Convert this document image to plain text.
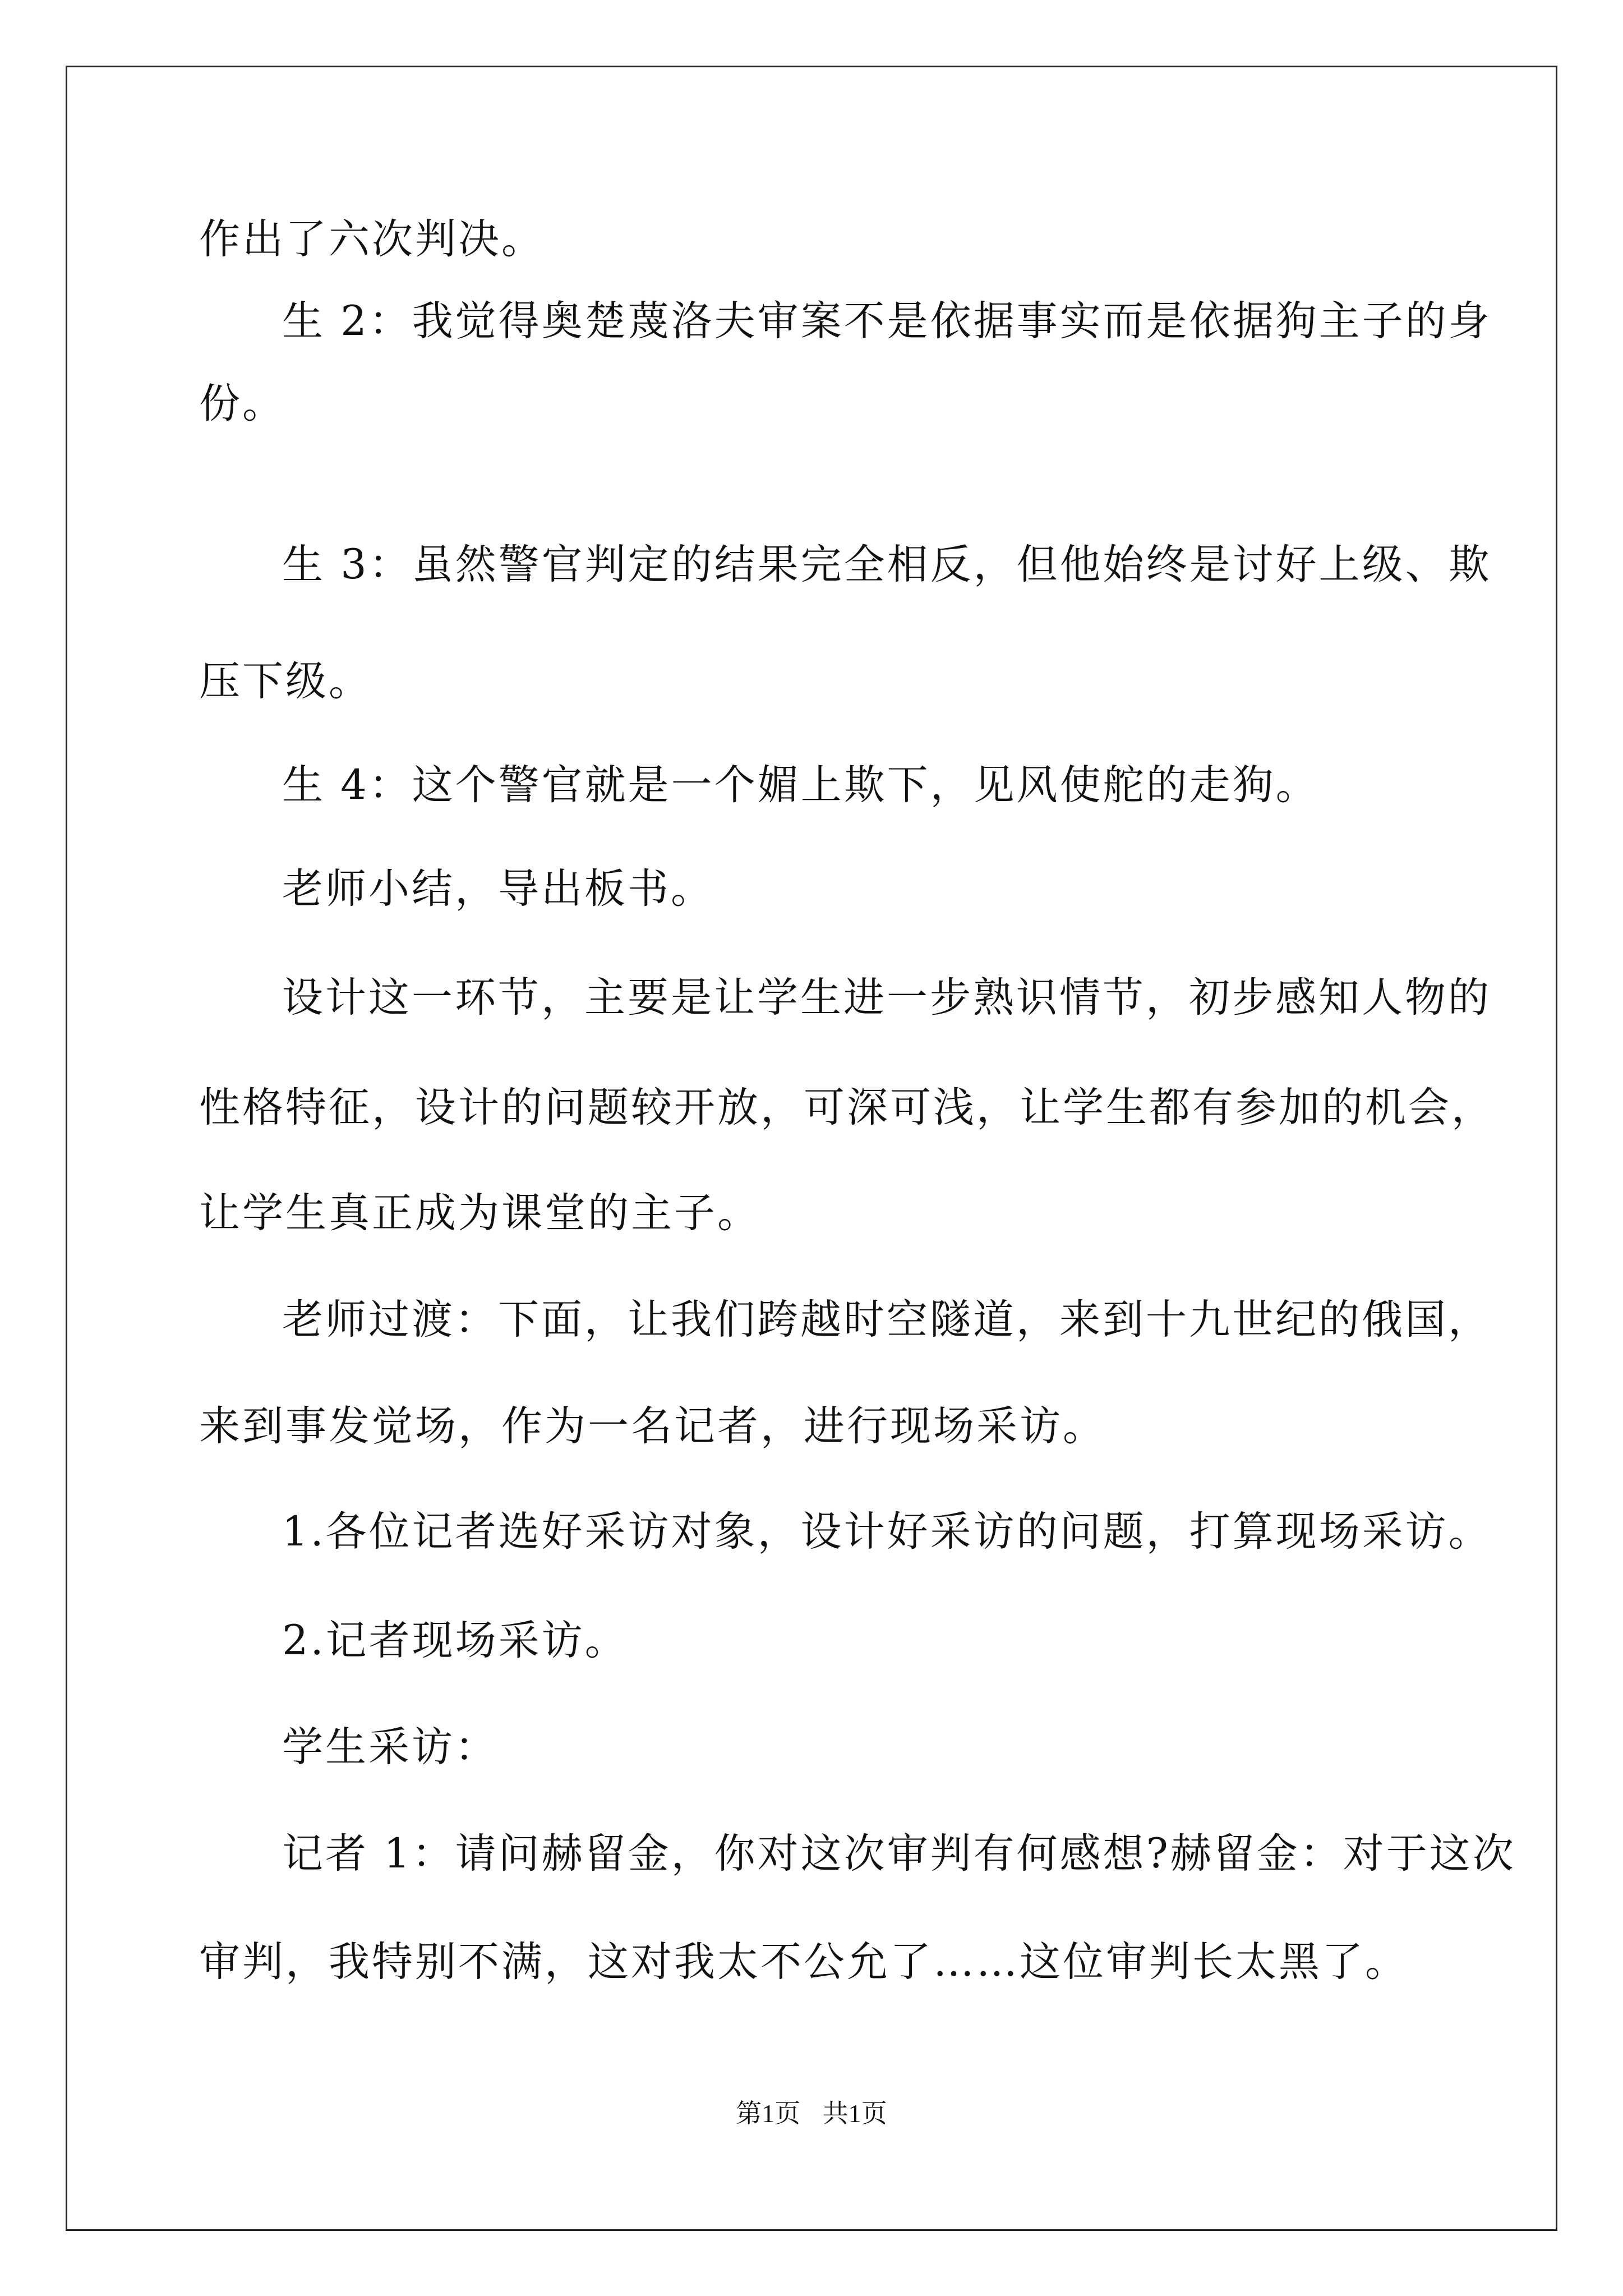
作出了六次判决。
生 2：我觉得奥楚蔑洛夫审案不是依据事实而是依据狗主子的身
份。
生 3：虽然警官判定的结果完全相反，但他始终是讨好上级、欺
压下级。
生 4：这个警官就是一个媚上欺下，见风使舵的走狗。
老师小结，导出板书。
设计这一环节，主要是让学生进一步熟识情节，初步感知人物的
性格特征，设计的问题较开放，可深可浅，让学生都有参加的机会，
让学生真正成为课堂的主子。
老师过渡：下面，让我们跨越时空隧道，来到十九世纪的俄国，
来到事发觉场，作为一名记者，进行现场采访。
1.各位记者选好采访对象，设计好采访的问题，打算现场采访。
2.记者现场采访。
学生采访：
记者 1：请问赫留金，你对这次审判有何感想?赫留金：对于这次
审判，我特别不满，这对我太不公允了……这位审判长太黑了。
第1页 共1页
